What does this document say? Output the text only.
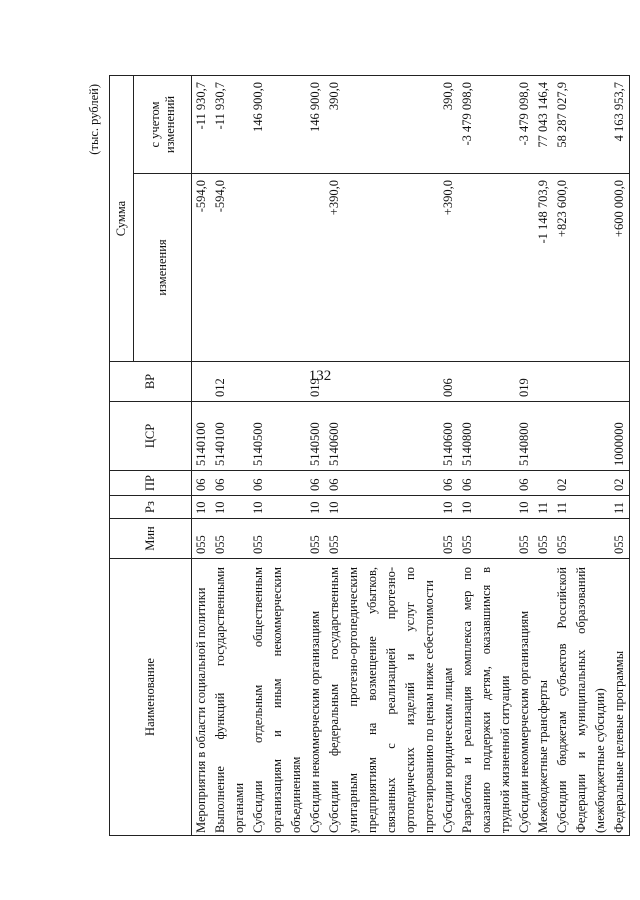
132
(тыс. рублей)
Наименование	Мин	Рз	ПР	ЦСР	ВР	Сумма	
						изменения	с учетом изменений
Мероприятия в области социальной политики	055	10	06	5140100		-594,0	-11 930,7
Выполнение функций государственными органами	055	10	06	5140100	012	-594,0	-11 930,7
Субсидии отдельным общественным организациям и иным некоммерческим объединениям	055	10	06	5140500			146 900,0
Субсидии некоммерческим организациям	055	10	06	5140500	019		146 900,0
Субсидии федеральным государственным унитарным протезно-ортопедическим предприятиям на возмещение убытков, связанных с реализацией протезно-ортопедических изделий и услуг по протезированию по ценам ниже себестоимости	055	10	06	5140600		+390,0	390,0
Субсидии юридическим лицам	055	10	06	5140600	006	+390,0	390,0
Разработка и реализация комплекса мер по оказанию поддержки детям, оказавшимся в трудной жизненной ситуации	055	10	06	5140800			-3 479 098,0
Субсидии некоммерческим организациям	055	10	06	5140800	019		-3 479 098,0
Межбюджетные трансферты	055	11				-1 148 703,9	77 043 146,4
Субсидии бюджетам субъектов Российской Федерации и муниципальных образований (межбюджетные субсидии)	055	11	02			+823 600,0	58 287 027,9
Федеральные целевые программы	055	11	02	1000000		+600 000,0	4 163 953,7
